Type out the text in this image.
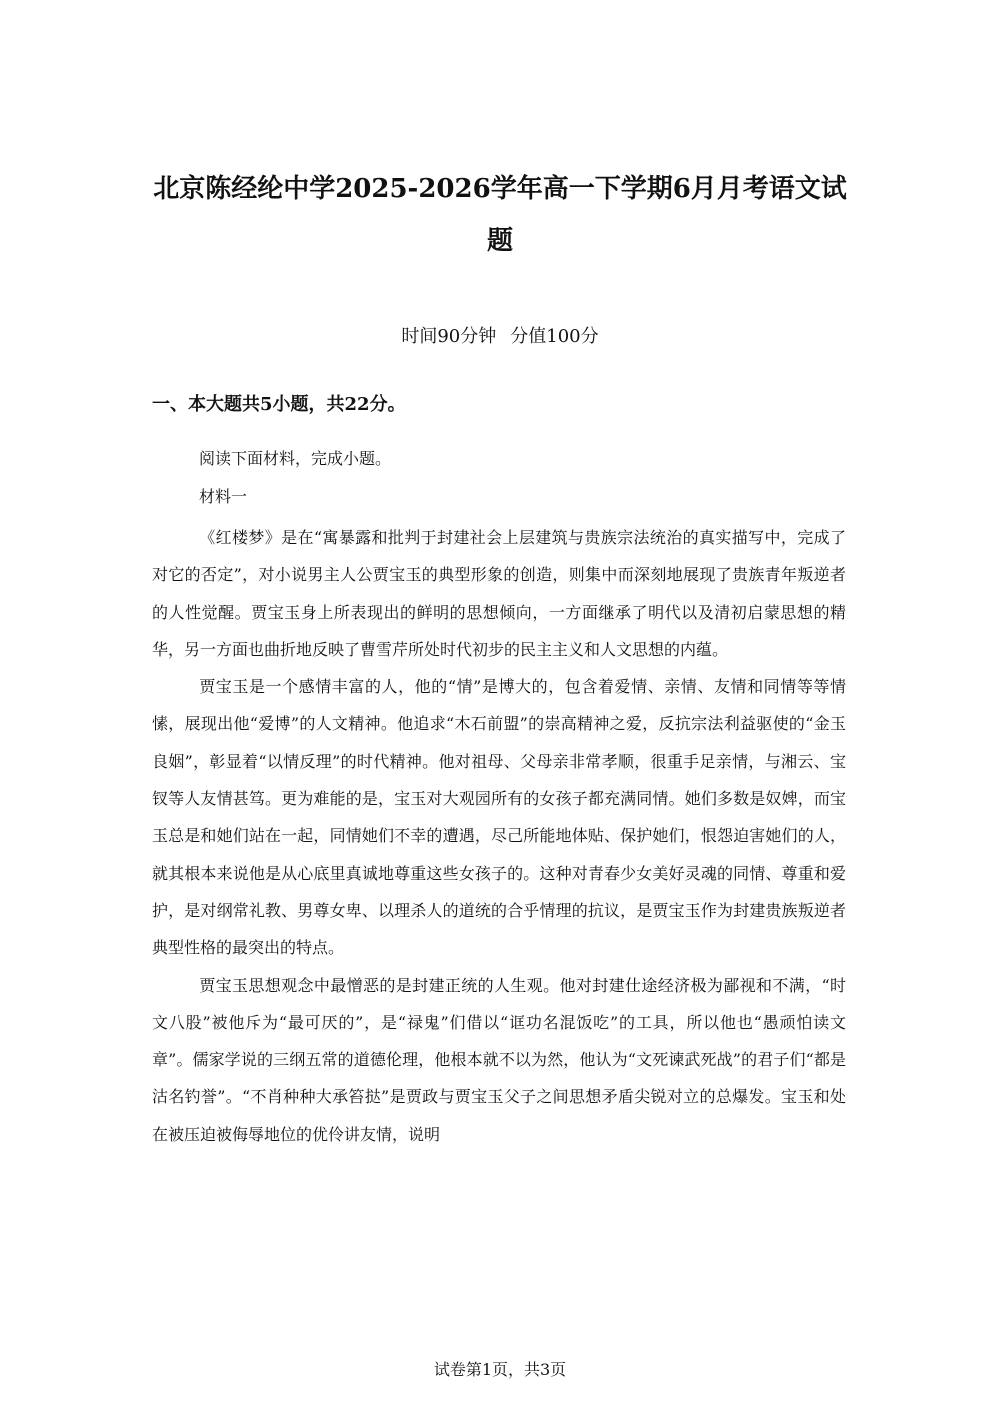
北京陈经纶中学2025-2026学年高一下学期6月月考语文试
题
时间90分钟 分值100分
一、本大题共5小题，共22分。
阅读下面材料，完成小题。
材料一

《红楼梦》是在“寓暴露和批判于封建社会上层建筑与贵族宗法统治的真实描写中，完成了对它的否定”，对小说男主人公贾宝玉的典型形象的创造，则集中而深刻地展现了贵族青年叛逆者的人性觉醒。贾宝玉身上所表现出的鲜明的思想倾向，一方面继承了明代以及清初启蒙思想的精华，另一方面也曲折地反映了曹雪芹所处时代初步的民主主义和人文思想的内蕴。

贾宝玉是一个感情丰富的人，他的“情”是博大的，包含着爱情、亲情、友情和同情等等情愫，展现出他“爱博”的人文精神。他追求“木石前盟”的崇高精神之爱，反抗宗法利益驱使的“金玉良姻”，彰显着“以情反理”的时代精神。他对祖母、父母亲非常孝顺，很重手足亲情，与湘云、宝钗等人友情甚笃。更为难能的是，宝玉对大观园所有的女孩子都充满同情。她们多数是奴婢，而宝玉总是和她们站在一起，同情她们不幸的遭遇，尽己所能地体贴、保护她们，恨怨迫害她们的人，就其根本来说他是从心底里真诚地尊重这些女孩子的。这种对青春少女美好灵魂的同情、尊重和爱护，是对纲常礼教、男尊女卑、以理杀人的道统的合乎情理的抗议，是贾宝玉作为封建贵族叛逆者典型性格的最突出的特点。

贾宝玉思想观念中最憎恶的是封建正统的人生观。他对封建仕途经济极为鄙视和不满，“时文八股”被他斥为“最可厌的”，是“禄鬼”们借以“诓功名混饭吃”的工具，所以他也“愚顽怕读文章”。儒家学说的三纲五常的道德伦理，他根本就不以为然，他认为“文死谏武死战”的君子们“都是沽名钓誉”。“不肖种种大承笞挞”是贾政与贾宝玉父子之间思想矛盾尖锐对立的总爆发。宝玉和处在被压迫被侮辱地位的优伶讲友情，说明

试卷第1页，共3页
